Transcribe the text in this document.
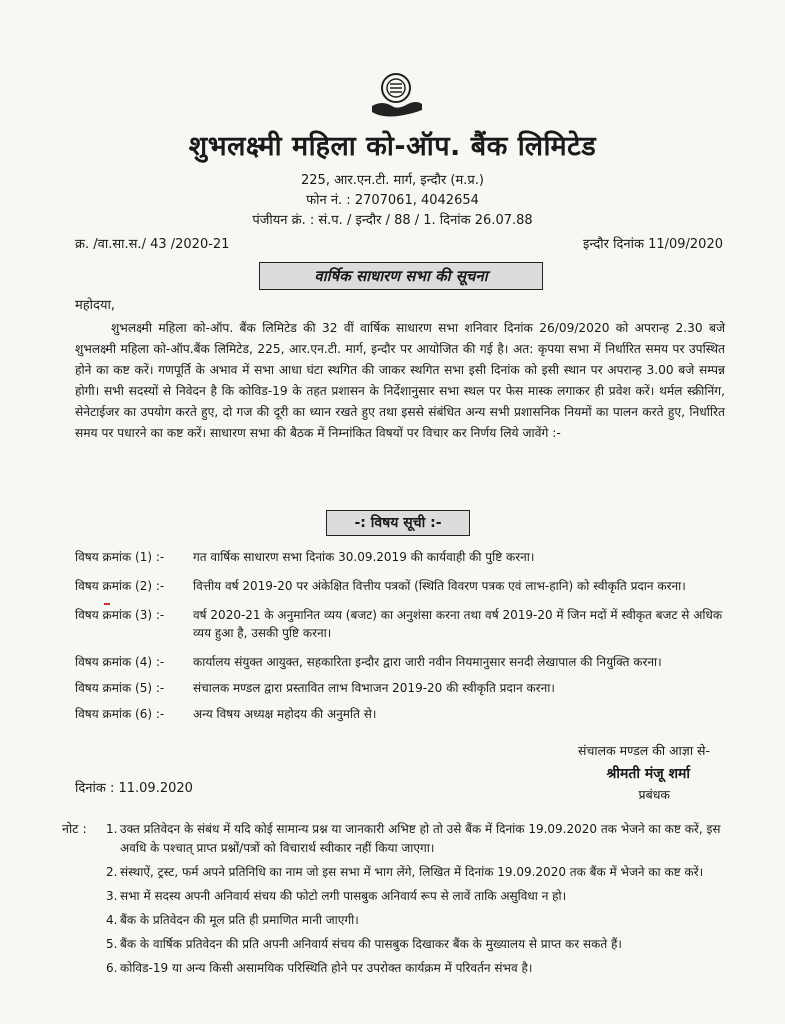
शुभलक्ष्मी महिला को-ऑप. बैंक लिमिटेड
225, आर.एन.टी. मार्ग, इन्दौर (म.प्र.)
फोन नं. : 2707061, 4042654
पंजीयन क्रं. : सं.प. / इन्दौर / 88 / 1. दिनांक 26.07.88
क्र. /वा.सा.स./ 43 /2020-21	इन्दौर दिनांक 11/09/2020
वार्षिक साधारण सभा की सूचना
महोदया,
शुभलक्ष्मी महिला को-ऑप. बैंक लिमिटेड की 32 वीं वार्षिक साधारण सभा शनिवार दिनांक 26/09/2020 को अपरान्ह 2.30 बजे शुभलक्ष्मी महिला को-ऑप.बैंक लिमिटेड, 225, आर.एन.टी. मार्ग, इन्दौर पर आयोजित की गई है। अत: कृपया सभा में निर्धारित समय पर उपस्थित होने का कष्ट करें। गणपूर्ति के अभाव में सभा आधा घंटा स्थगित की जाकर स्थगित सभा इसी दिनांक को इसी स्थान पर अपरान्ह 3.00 बजे सम्पन्न होगी। सभी सदस्यों से निवेदन है कि कोविड-19 के तहत प्रशासन के निर्देशानुसार सभा स्थल पर फेस मास्क लगाकर ही प्रवेश करें। थर्मल स्क्रीनिंग, सेनेटाईजर का उपयोग करते हुए, दो गज की दूरी का ध्यान रखते हुए तथा इससे संबंधित अन्य सभी प्रशासनिक नियमों का पालन करते हुए, निर्धारित समय पर पधारने का कष्ट करें। साधारण सभा की बैठक में निम्नांकित विषयों पर विचार कर निर्णय लिये जावेंगे :-
-: विषय सूची :-
विषय क्रमांक (1) :-	गत वार्षिक साधारण सभा दिनांक 30.09.2019 की कार्यवाही की पुष्टि करना।
विषय क्रमांक (2) :-	वित्तीय वर्ष 2019-20 पर अंकेक्षित वित्तीय पत्रकों (स्थिति विवरण पत्रक एवं लाभ-हानि) को स्वीकृति प्रदान करना।
विषय क्रमांक (3) :-	वर्ष 2020-21 के अनुमानित व्यय (बजट) का अनुशंसा करना तथा वर्ष 2019-20 में जिन मदों में स्वीकृत बजट से अधिक व्यय हुआ है, उसकी पुष्टि करना।
विषय क्रमांक (4) :-	कार्यालय संयुक्त आयुक्त, सहकारिता इन्दौर द्वारा जारी नवीन नियमानुसार सनदी लेखापाल की नियुक्ति करना।
विषय क्रमांक (5) :-	संचालक मण्डल द्वारा प्रस्तावित लाभ विभाजन 2019-20 की स्वीकृति प्रदान करना।
विषय क्रमांक (6) :-	अन्य विषय अध्यक्ष महोदय की अनुमति से।
संचालक मण्डल की आज्ञा से-
श्रीमती मंजू शर्मा
प्रबंधक
दिनांक : 11.09.2020
नोट : 1. उक्त प्रतिवेदन के संबंध में यदि कोई सामान्य प्रश्न या जानकारी अभिष्ट हो तो उसे बैंक में दिनांक 19.09.2020 तक भेजने का कष्ट करें, इस अवधि के पश्चात् प्राप्त प्रश्नों/पत्रों को विचारार्थ स्वीकार नहीं किया जाएगा।
2. संस्थाऐं, ट्रस्ट, फर्म अपने प्रतिनिधि का नाम जो इस सभा में भाग लेंगे, लिखित में दिनांक 19.09.2020 तक बैंक में भेजने का कष्ट करें।
3. सभा में सदस्य अपनी अनिवार्य संचय की फोटो लगी पासबुक अनिवार्य रूप से लावें ताकि असुविधा न हो।
4. बैंक के प्रतिवेदन की मूल प्रति ही प्रमाणित मानी जाएगी।
5. बैंक के वार्षिक प्रतिवेदन की प्रति अपनी अनिवार्य संचय की पासबुक दिखाकर बैंक के मुख्यालय से प्राप्त कर सकते हैं।
6. कोविड-19 या अन्य किसी असामयिक परिस्थिति होने पर उपरोक्त कार्यक्रम में परिवर्तन संभव है।
